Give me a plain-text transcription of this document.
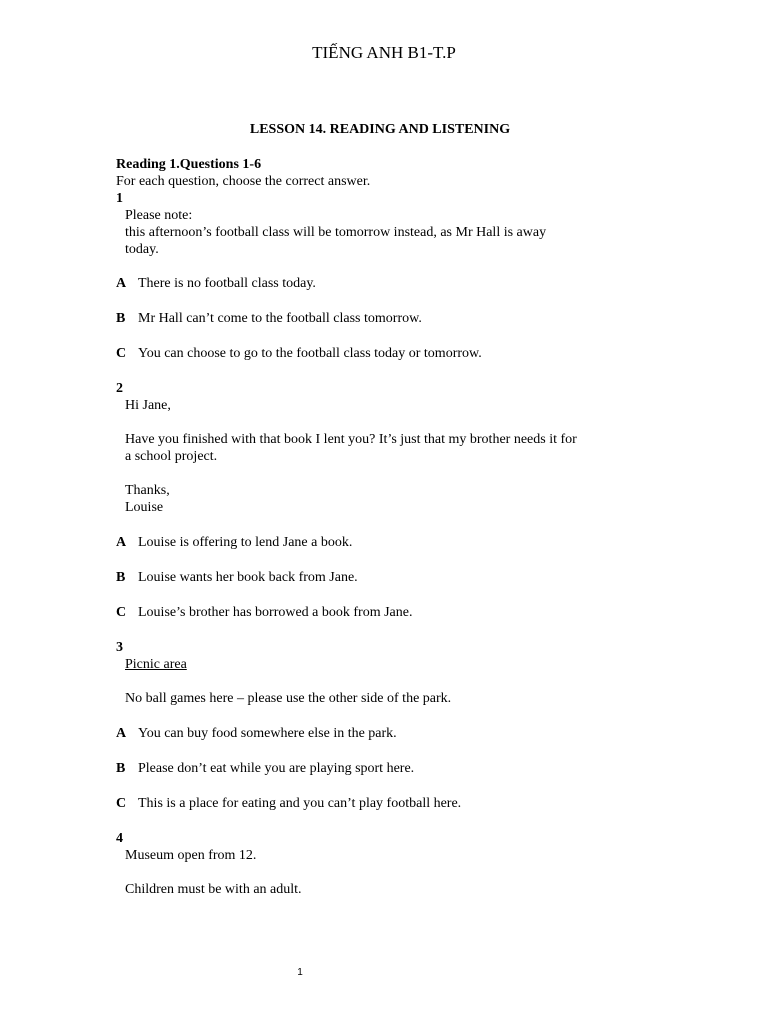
TIẾNG ANH B1-T.P
LESSON 14. READING AND LISTENING

Reading 1.Questions 1-6

For each question, choose the correct answer.

1

Please note:

this afternoon’s football class will be tomorrow instead, as Mr Hall is away

today.

A There is no football class today.

B Mr Hall can’t come to the football class tomorrow.

C You can choose to go to the football class today or tomorrow.

2

Hi Jane,

Have you finished with that book I lent you? It’s just that my brother needs it for

a school project.

Thanks,

Louise

A Louise is offering to lend Jane a book.

B Louise wants her book back from Jane.

C Louise’s brother has borrowed a book from Jane.

3

Picnic area

No ball games here – please use the other side of the park.

A You can buy food somewhere else in the park.

B Please don’t eat while you are playing sport here.

C This is a place for eating and you can’t play football here.

4

Museum open from 12.

Children must be with an adult.

1
